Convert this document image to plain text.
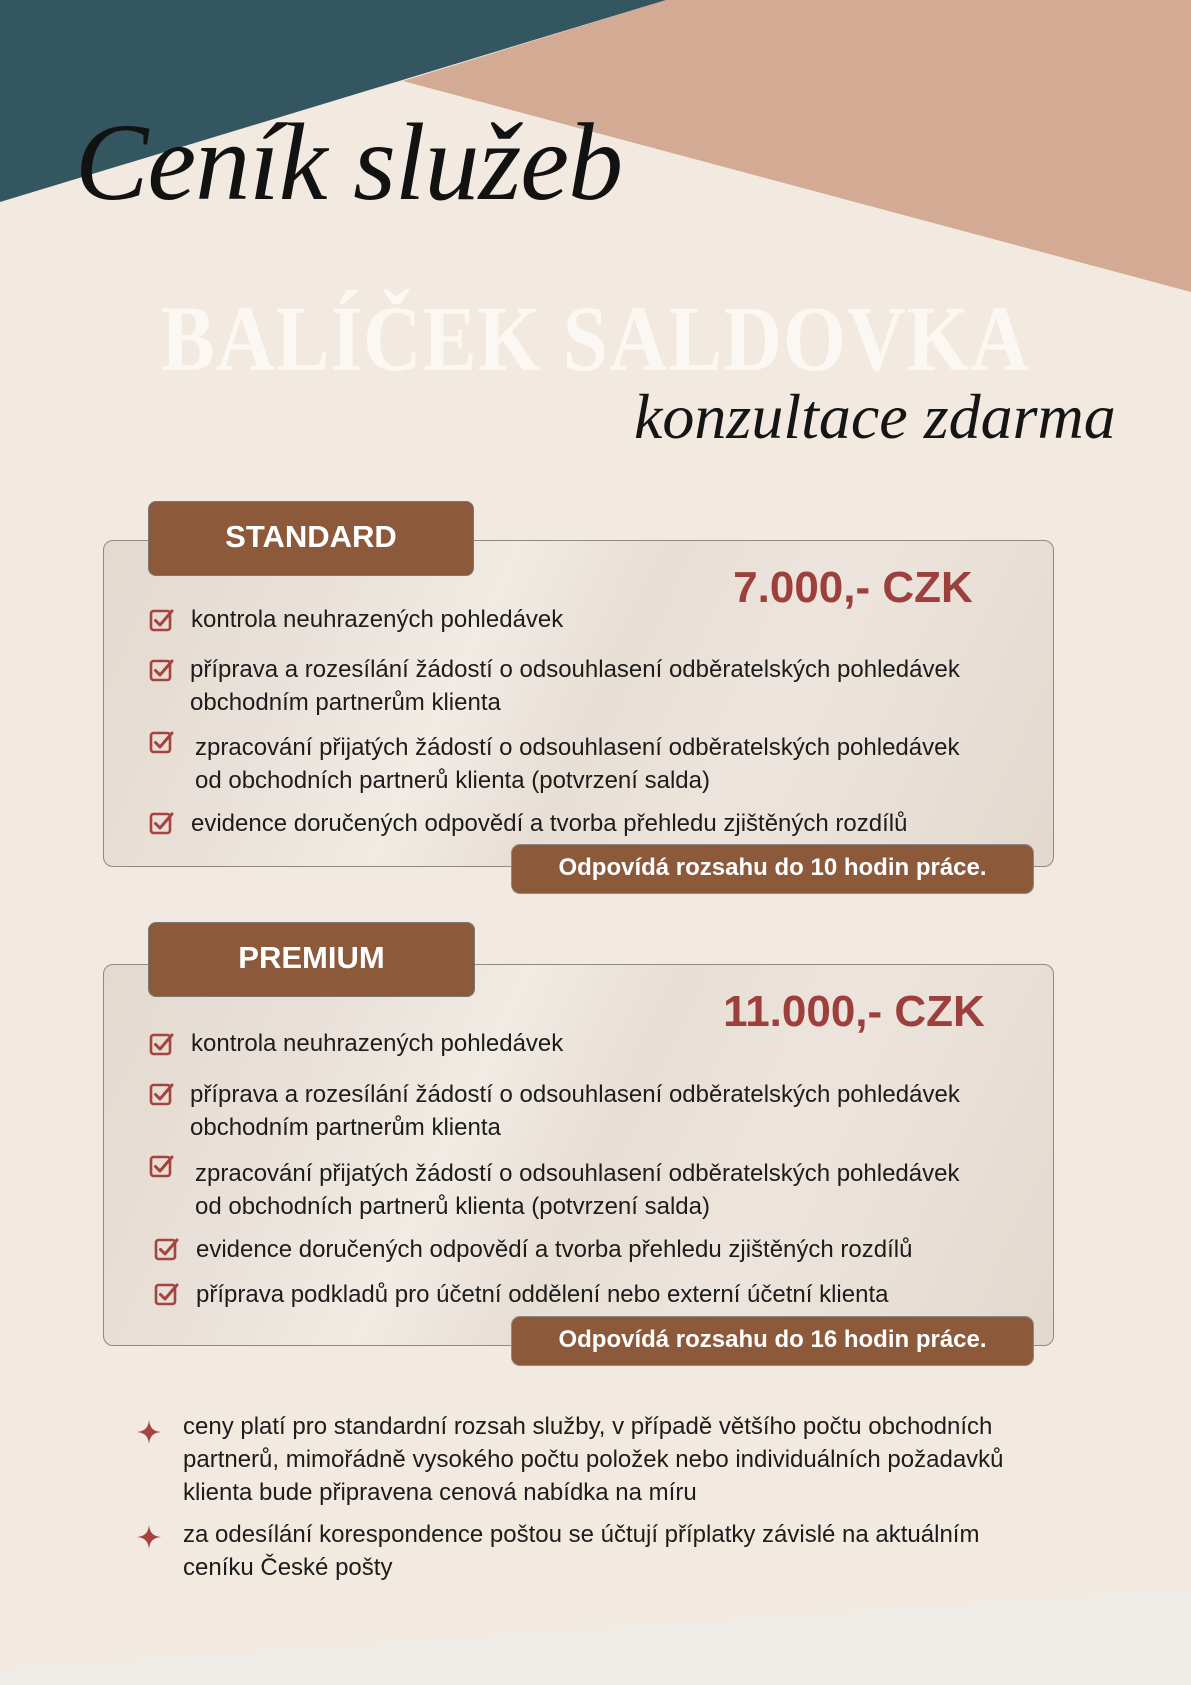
Ceník služeb
BALÍČEK SALDOVKA
konzultace zdarma
STANDARD
7.000,- CZK
kontrola neuhrazených pohledávek
příprava a rozesílání žádostí o odsouhlasení odběratelských pohledávek
obchodním partnerům klienta
zpracování přijatých žádostí o odsouhlasení odběratelských pohledávek
od obchodních partnerů klienta (potvrzení salda)
evidence doručených odpovědí a tvorba přehledu zjištěných rozdílů
Odpovídá rozsahu do 10 hodin práce.
PREMIUM
11.000,- CZK
kontrola neuhrazených pohledávek
příprava a rozesílání žádostí o odsouhlasení odběratelských pohledávek
obchodním partnerům klienta
zpracování přijatých žádostí o odsouhlasení odběratelských pohledávek
od obchodních partnerů klienta (potvrzení salda)
evidence doručených odpovědí a tvorba přehledu zjištěných rozdílů
příprava podkladů pro účetní oddělení nebo externí účetní klienta
Odpovídá rozsahu do 16 hodin práce.
ceny platí pro standardní rozsah služby, v případě většího počtu obchodních
partnerů, mimořádně vysokého počtu položek nebo individuálních požadavků
klienta bude připravena cenová nabídka na míru
za odesílání korespondence poštou se účtují příplatky závislé na aktuálním
ceníku České pošty
